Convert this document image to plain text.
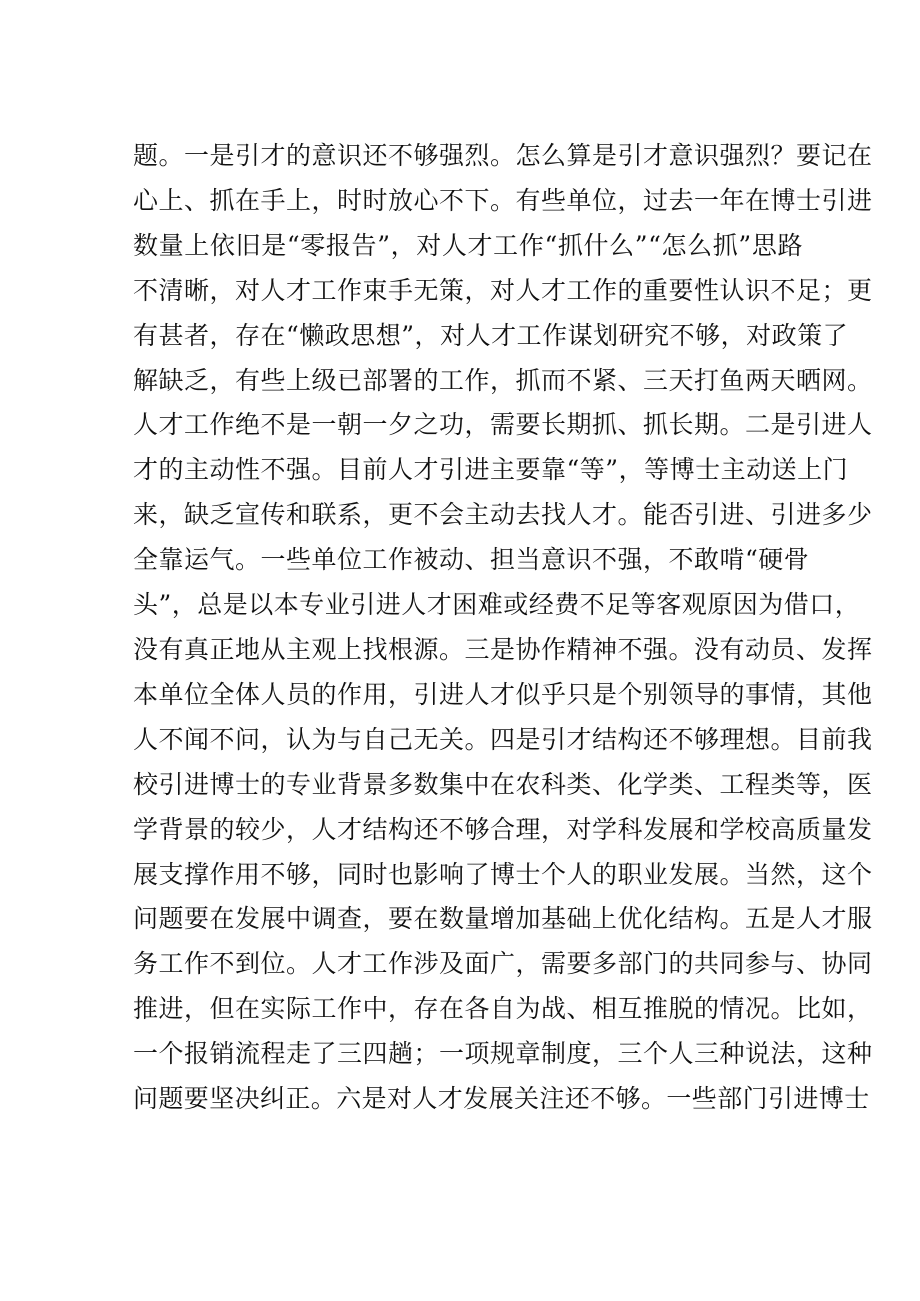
题。一是引才的意识还不够强烈。怎么算是引才意识强烈？要记在
心上、抓在手上，时时放心不下。有些单位，过去一年在博士引进
数量上依旧是“零报告”，对人才工作“抓什么”“怎么抓”思路
不清晰，对人才工作束手无策，对人才工作的重要性认识不足；更
有甚者，存在“懒政思想”，对人才工作谋划研究不够，对政策了
解缺乏，有些上级已部署的工作，抓而不紧、三天打鱼两天晒网。
人才工作绝不是一朝一夕之功，需要长期抓、抓长期。二是引进人
才的主动性不强。目前人才引进主要靠“等”，等博士主动送上门
来，缺乏宣传和联系，更不会主动去找人才。能否引进、引进多少
全靠运气。一些单位工作被动、担当意识不强，不敢啃“硬骨
头”，总是以本专业引进人才困难或经费不足等客观原因为借口，
没有真正地从主观上找根源。三是协作精神不强。没有动员、发挥
本单位全体人员的作用，引进人才似乎只是个别领导的事情，其他
人不闻不问，认为与自己无关。四是引才结构还不够理想。目前我
校引进博士的专业背景多数集中在农科类、化学类、工程类等，医
学背景的较少，人才结构还不够合理，对学科发展和学校高质量发
展支撑作用不够，同时也影响了博士个人的职业发展。当然，这个
问题要在发展中调查，要在数量增加基础上优化结构。五是人才服
务工作不到位。人才工作涉及面广，需要多部门的共同参与、协同
推进，但在实际工作中，存在各自为战、相互推脱的情况。比如，
一个报销流程走了三四趟；一项规章制度，三个人三种说法，这种
问题要坚决纠正。六是对人才发展关注还不够。一些部门引进博士
